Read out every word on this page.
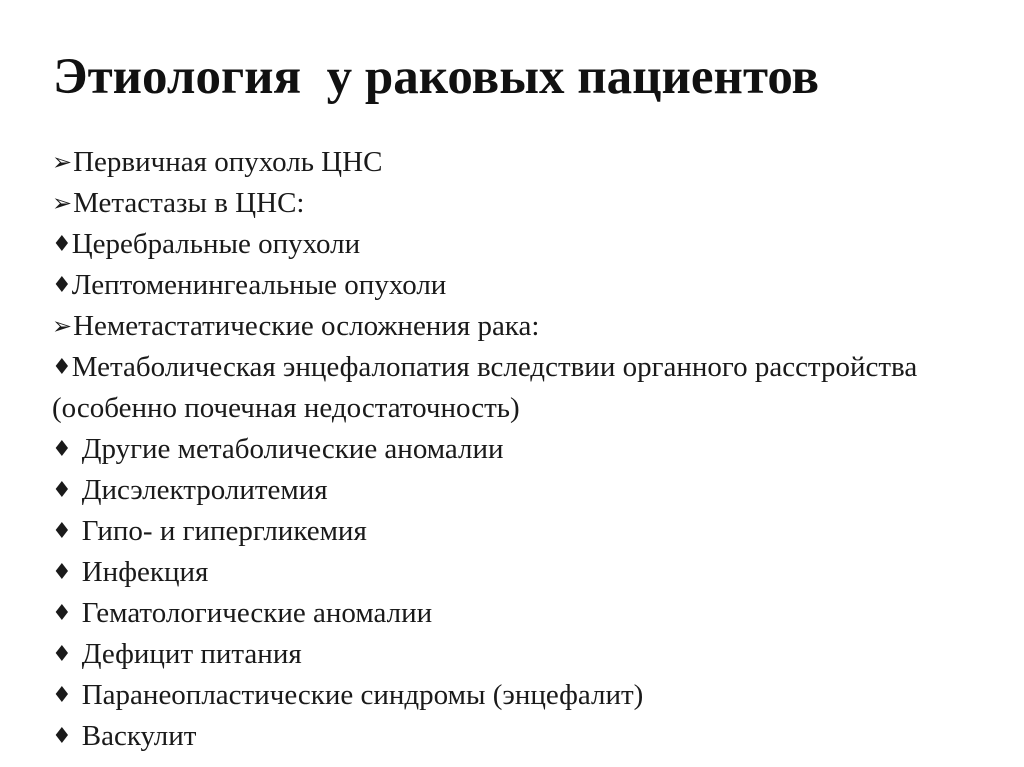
Этиология  у раковых пациентов
➢Первичная опухоль ЦНС
➢Метастазы в ЦНС:
♦Церебральные опухоли
♦Лептоменингеальные опухоли
➢Неметастатические осложнения рака:
♦Метаболическая энцефалопатия вследствии органного расстройства (особенно почечная недостаточность)
♦ Другие метаболические аномалии
♦ Дисэлектролитемия
♦ Гипо- и гипергликемия
♦ Инфекция
♦ Гематологические аномалии
♦ Дефицит питания
♦ Паранеопластические синдромы (энцефалит)
♦ Васкулит
